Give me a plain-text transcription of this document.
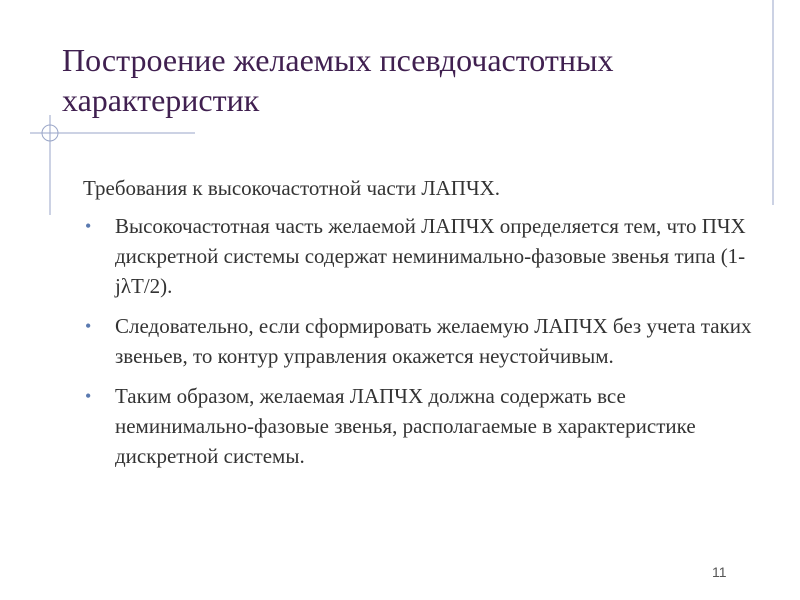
Построение желаемых псевдочастотных характеристик

Требования к высокочастотной части ЛАПЧХ.

• Высокочастотная часть желаемой ЛАПЧХ определяется тем, что ПЧХ дискретной системы содержат неминимально-фазовые звенья типа (1-jλT/2).
• Следовательно, если сформировать желаемую ЛАПЧХ без учета таких звеньев, то контур управления окажется неустойчивым.
• Таким образом, желаемая ЛАПЧХ должна содержать все неминимально-фазовые звенья, располагаемые в характеристике дискретной системы.
11
